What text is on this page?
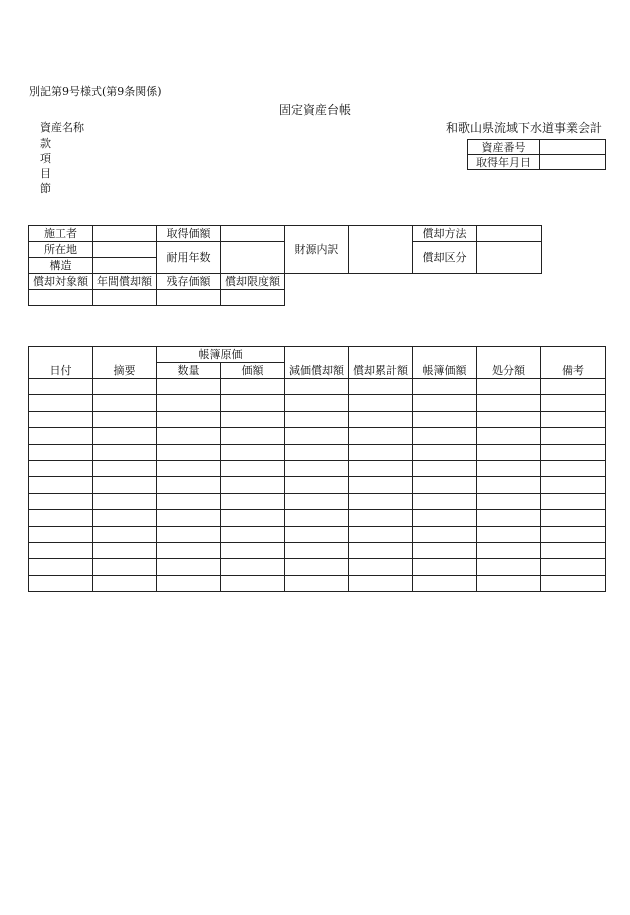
別記第9号様式(第9条関係)
固定資産台帳
和歌山県流域下水道事業会計
資産名称
款
項
目
節
資産番号	
取得年月日	
施工者		取得価額		財源内訳		償却方法	
所在地		耐用年数				償却区分	
構造							
償却対象額	年間償却額	残存価額	償却限度額				

日付	摘要	帳簿原価		減価償却額	償却累計額	帳簿価額	処分額	備考
		数量	価額					
